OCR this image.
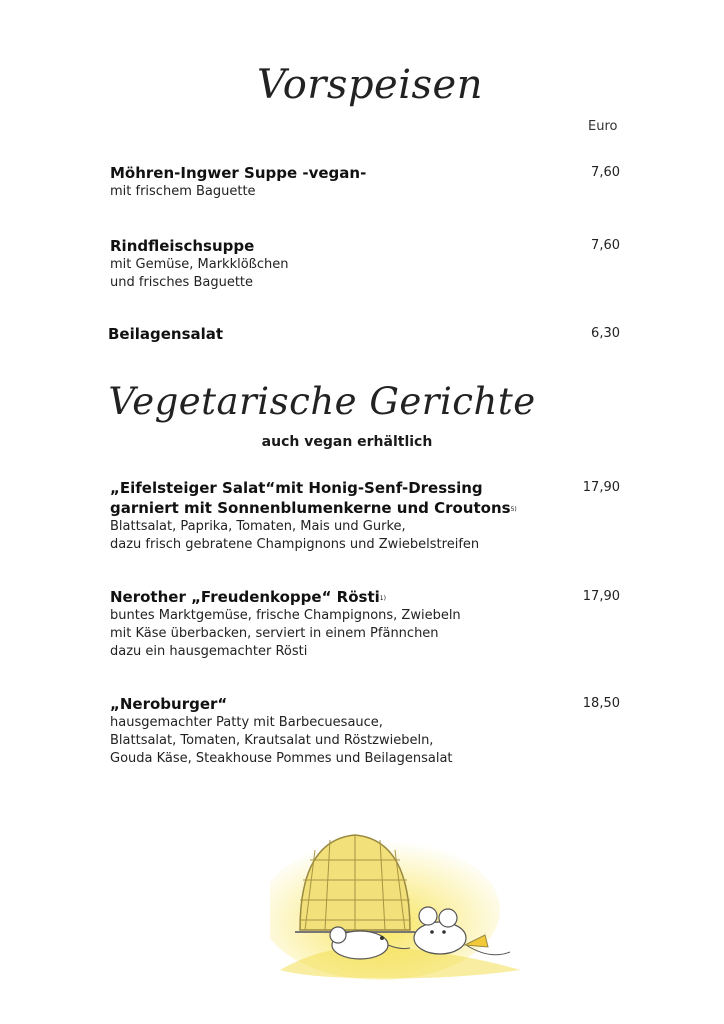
Vorspeisen
Euro
Möhren-Ingwer Suppe -vegan-
mit frischem Baguette
7,60
Rindfleischsuppe
mit Gemüse, Markklößchen
und frisches Baguette
7,60
Beilagensalat	6,30
Vegetarische Gerichte
auch vegan erhältlich
„Eifelsteiger Salat“mit Honig-Senf-Dressing
garniert mit Sonnenblumenkerne und Croutons$^{5)}$
Blattsalat, Paprika, Tomaten, Mais und Gurke,
dazu frisch gebratene Champignons und Zwiebelstreifen
17,90
Nerother „Freudenkoppe“ Rösti$^{1)}$
buntes Marktgemüse, frische Champignons, Zwiebeln
mit Käse überbacken, serviert in einem Pfännchen
dazu ein hausgemachter Rösti
17,90
„Neroburger“
hausgemachter Patty mit Barbecuesauce,
Blattsalat, Tomaten, Krautsalat und Röstzwiebeln,
Gouda Käse, Steakhouse Pommes und Beilagensalat
18,50
